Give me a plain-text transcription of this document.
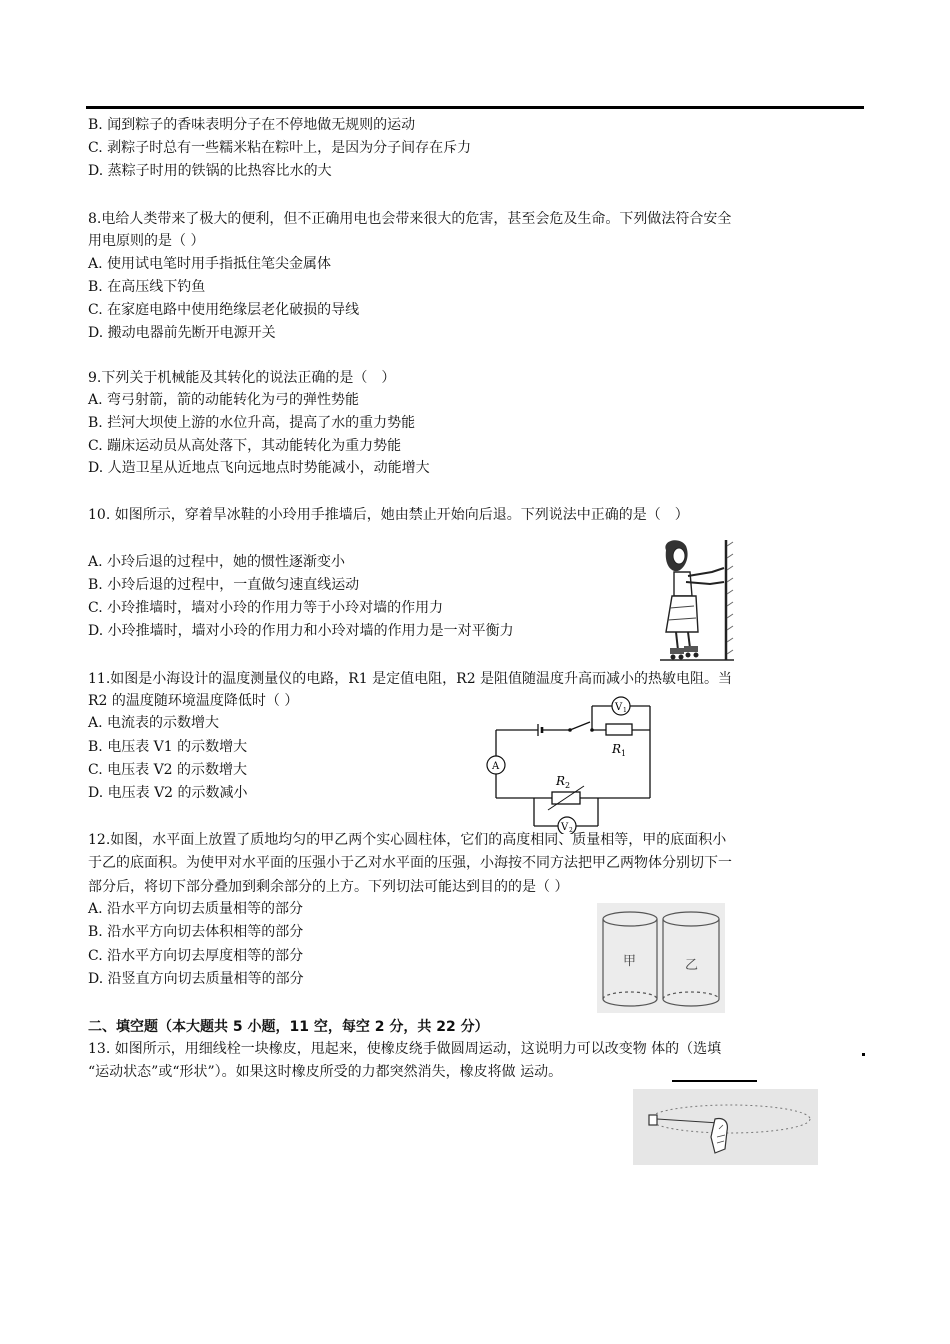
B. 闻到粽子的香味表明分子在不停地做无规则的运动
C. 剥粽子时总有一些糯米粘在粽叶上，是因为分子间存在斥力
D. 蒸粽子时用的铁锅的比热容比水的大
8.电给人类带来了极大的便利，但不正确用电也会带来很大的危害，甚至会危及生命。下列做法符合安全
用电原则的是（ ）
A. 使用试电笔时用手指抵住笔尖金属体
B. 在高压线下钓鱼
C. 在家庭电路中使用绝缘层老化破损的导线
D. 搬动电器前先断开电源开关
9.下列关于机械能及其转化的说法正确的是（　）
A. 弯弓射箭，箭的动能转化为弓的弹性势能
B. 拦河大坝使上游的水位升高，提高了水的重力势能
C. 蹦床运动员从高处落下，其动能转化为重力势能
D. 人造卫星从近地点飞向远地点时势能减小，动能增大
10. 如图所示，穿着旱冰鞋的小玲用手推墙后，她由禁止开始向后退。下列说法中正确的是（　）
A. 小玲后退的过程中，她的惯性逐渐变小
B. 小玲后退的过程中，一直做匀速直线运动
C. 小玲推墙时，墙对小玲的作用力等于小玲对墙的作用力
D. 小玲推墙时，墙对小玲的作用力和小玲对墙的作用力是一对平衡力
11.如图是小海设计的温度测量仪的电路，R1 是定值电阻，R2 是阻值随温度升高而减小的热敏电阻。当
R2 的温度随环境温度降低时（ ）
A. 电流表的示数增大
B. 电压表 V1 的示数增大
C. 电压表 V2 的示数增大
D. 电压表 V2 的示数减小
R 1
R 2
V 1
A
V 2
12.如图，水平面上放置了质地均匀的甲乙两个实心圆柱体，它们的高度相同、质量相等，甲的底面积小
于乙的底面积。为使甲对水平面的压强小于乙对水平面的压强，小海按不同方法把甲乙两物体分别切下一
部分后，将切下部分叠加到剩余部分的上方。下列切法可能达到目的的是（ ）
A. 沿水平方向切去质量相等的部分
B. 沿水平方向切去体积相等的部分
C. 沿水平方向切去厚度相等的部分
D. 沿竖直方向切去质量相等的部分
甲	乙
二、填空题（本大题共 5 小题，11 空，每空 2 分，共 22 分）
13. 如图所示，用细线栓一块橡皮，甩起来，使橡皮绕手做圆周运动，这说明力可以改变物 体的（选填
“运动状态”或“形状”）。如果这时橡皮所受的力都突然消失，橡皮将做 运动。
